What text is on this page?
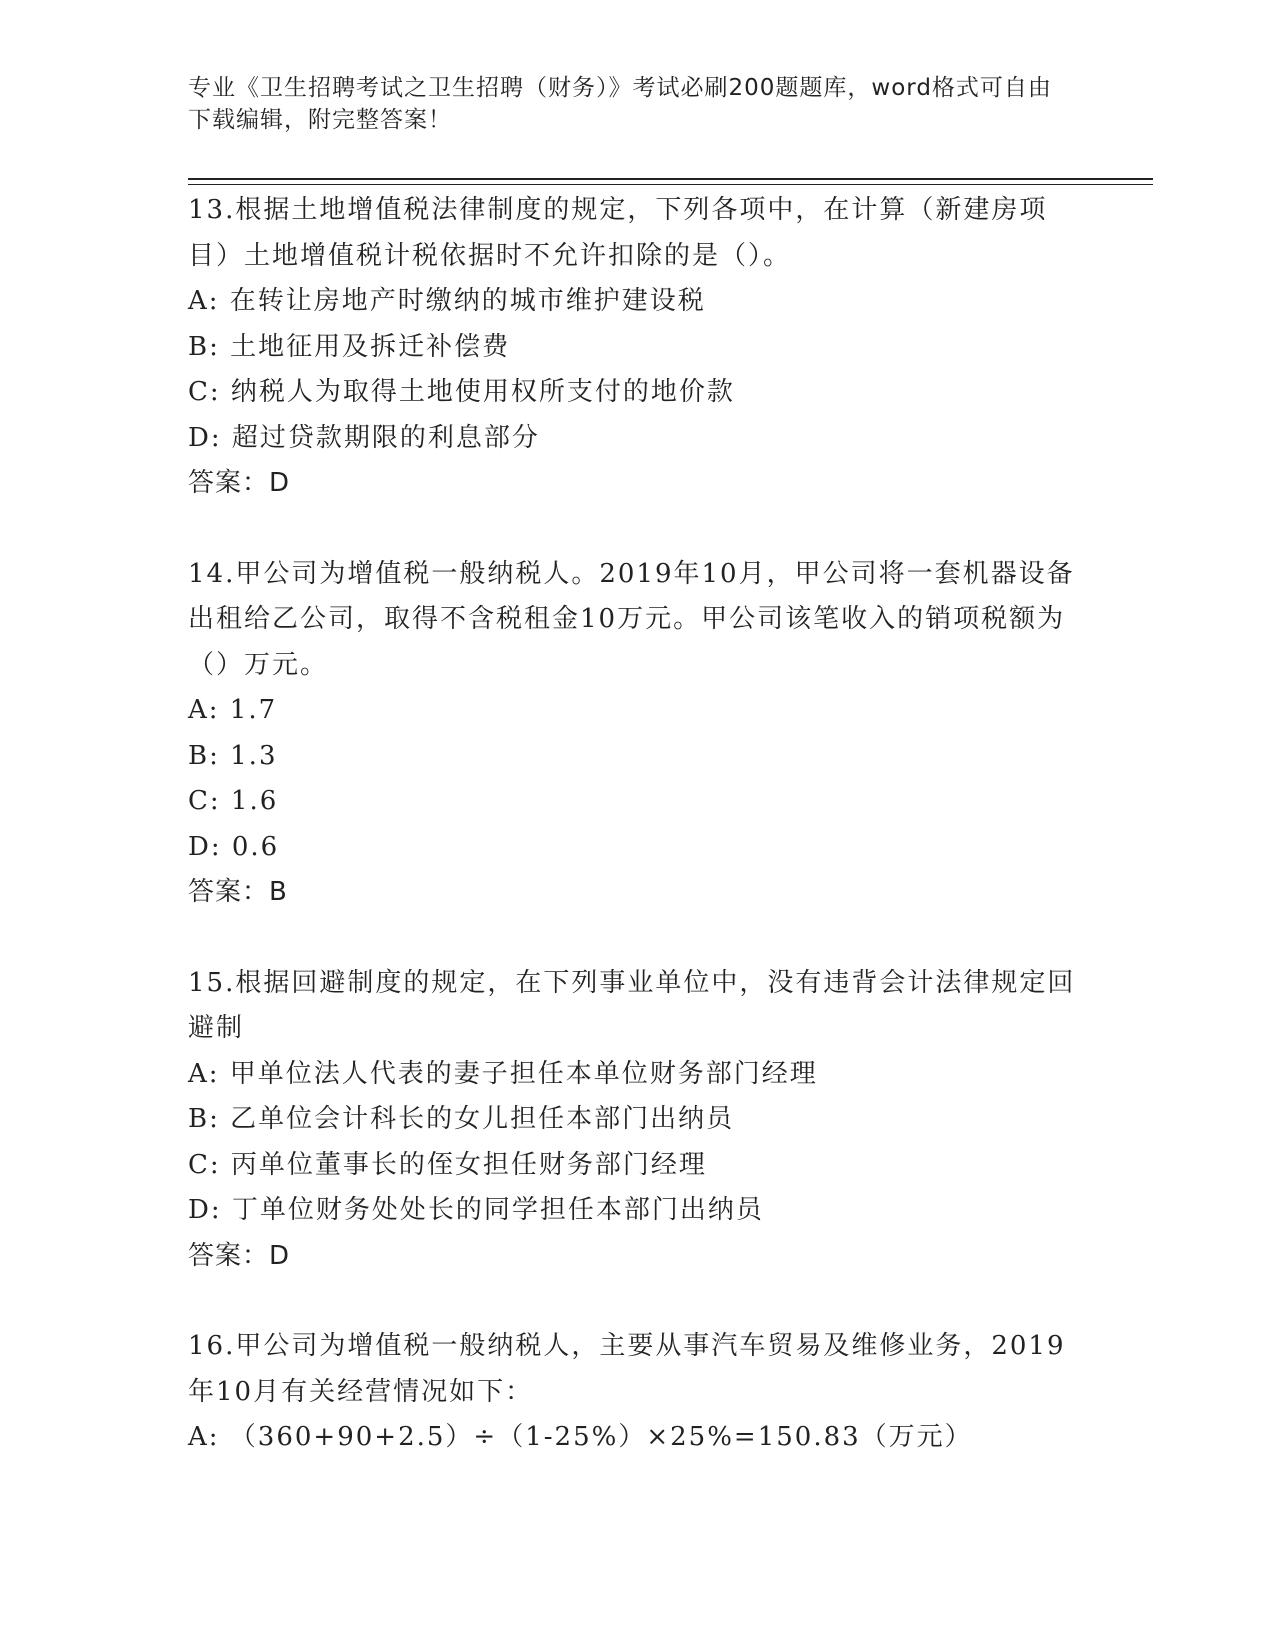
专业《卫生招聘考试之卫生招聘（财务）》考试必刷200题题库，word格式可自由下载编辑，附完整答案！

13.根据土地增值税法律制度的规定，下列各项中，在计算（新建房项目）土地增值税计税依据时不允许扣除的是（）。

A: 在转让房地产时缴纳的城市维护建设税

B: 土地征用及拆迁补偿费

C: 纳税人为取得土地使用权所支付的地价款

D: 超过贷款期限的利息部分

答案：D

14.甲公司为增值税一般纳税人。2019年10月，甲公司将一套机器设备出租给乙公司，取得不含税租金10万元。甲公司该笔收入的销项税额为（）万元。

A: 1.7

B: 1.3

C: 1.6

D: 0.6

答案：B

15.根据回避制度的规定，在下列事业单位中，没有违背会计法律规定回避制

A: 甲单位法人代表的妻子担任本单位财务部门经理

B: 乙单位会计科长的女儿担任本部门出纳员

C: 丙单位董事长的侄女担任财务部门经理

D: 丁单位财务处处长的同学担任本部门出纳员

答案：D

16.甲公司为增值税一般纳税人，主要从事汽车贸易及维修业务，2019年10月有关经营情况如下：

A: （360+90+2.5）÷（1-25%）×25%=150.83（万元）
